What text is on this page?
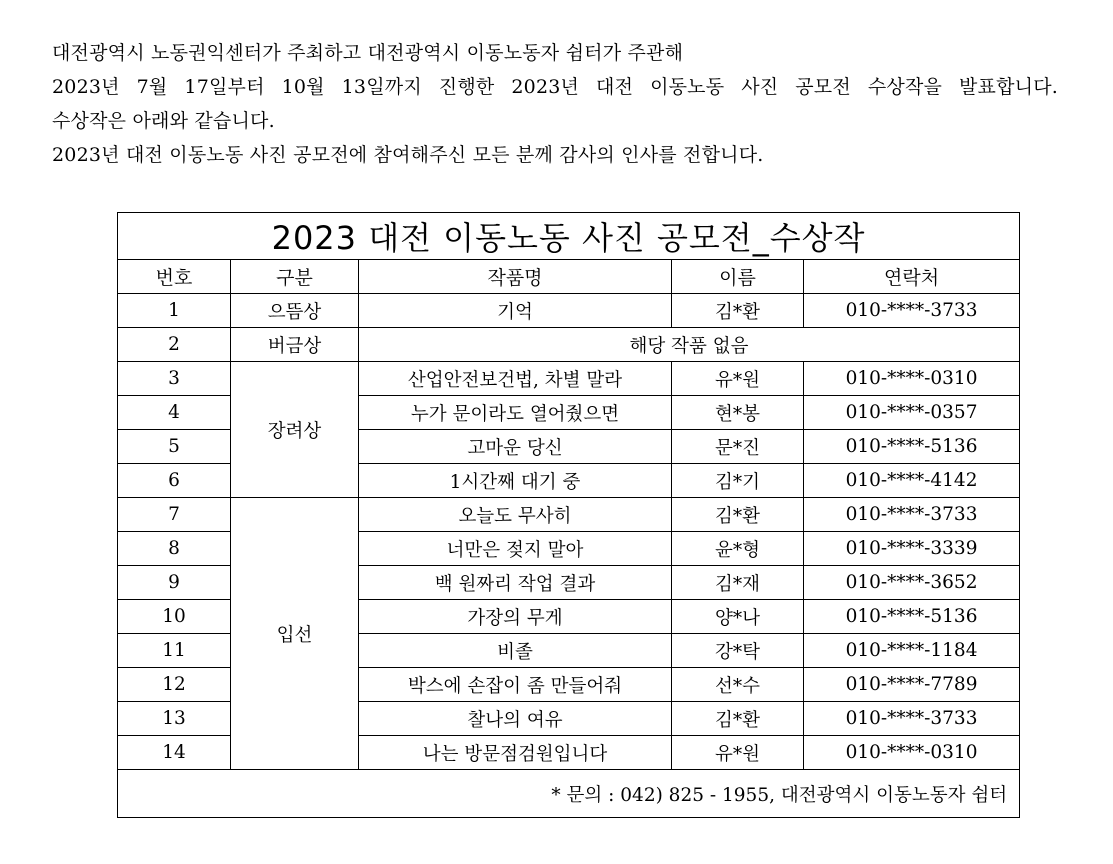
대전광역시 노동권익센터가 주최하고 대전광역시 이동노동자 쉼터가 주관해

2023년 7월 17일부터 10월 13일까지 진행한 2023년 대전 이동노동 사진 공모전 수상작을 발표합니다.

수상작은 아래와 같습니다.

2023년 대전 이동노동 사진 공모전에 참여해주신 모든 분께 감사의 인사를 전합니다.

2023 대전 이동노동 사진 공모전_수상작				
번호	구분	작품명	이름	연락처
1	으뜸상	기억	김*환	010-****-3733
2	버금상	해당 작품 없음		
3	장려상	산업안전보건법, 차별 말라	유*원	010-****-0310
4		누가 문이라도 열어줬으면	현*봉	010-****-0357
5		고마운 당신	문*진	010-****-5136
6		1시간째 대기 중	김*기	010-****-4142
7	입선	오늘도 무사히	김*환	010-****-3733
8		너만은 젖지 말아	윤*형	010-****-3339
9		백 원짜리 작업 결과	김*재	010-****-3652
10		가장의 무게	양*나	010-****-5136
11		비졸	강*탁	010-****-1184
12		박스에 손잡이 좀 만들어줘	선*수	010-****-7789
13		찰나의 여유	김*환	010-****-3733
14		나는 방문점검원입니다	유*원	010-****-0310
* 문의 : 042) 825 - 1955, 대전광역시 이동노동자 쉼터				
